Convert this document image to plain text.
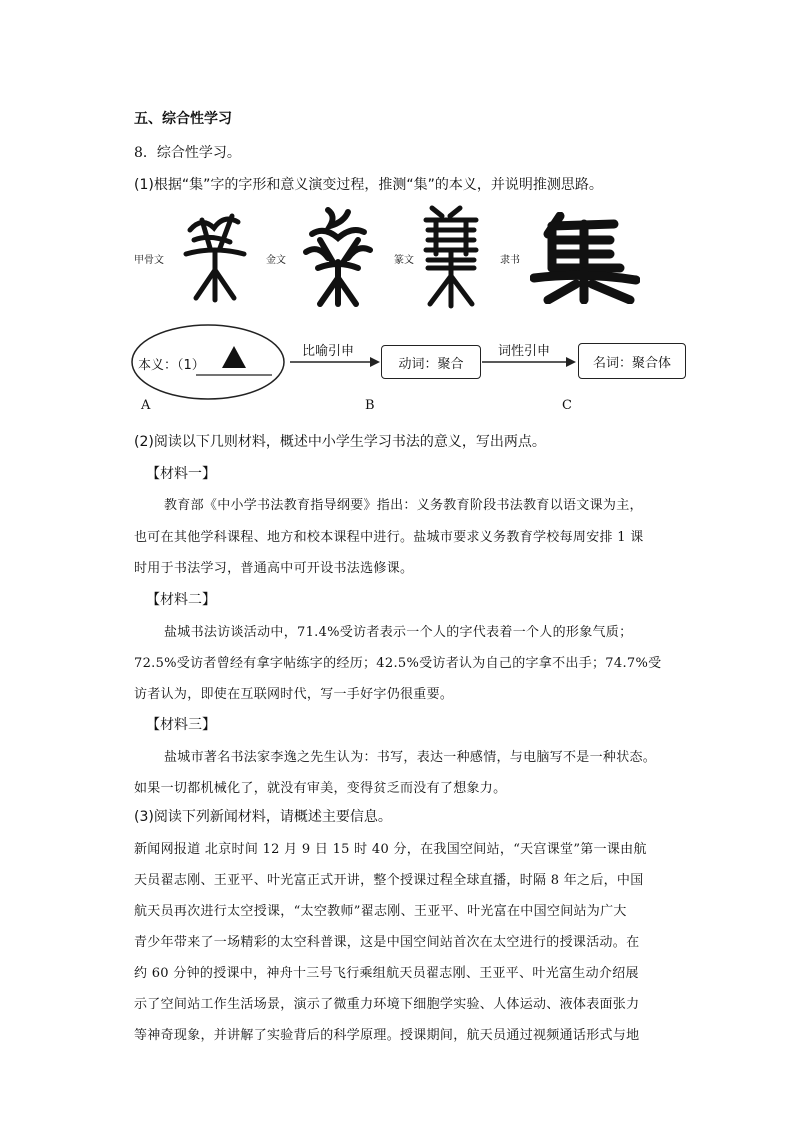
五、综合性学习
8．综合性学习。
(1)根据“集”字的字形和意义演变过程，推测“集”的本义，并说明推测思路。
甲骨文	金文	篆文	隶书
本义：（1）
比喻引申
动词：聚合
词性引申
名词：聚合体
A	B	C
(2)阅读以下几则材料，概述中小学生学习书法的意义，写出两点。
【材料一】
教育部《中小学书法教育指导纲要》指出：义务教育阶段书法教育以语文课为主，
也可在其他学科课程、地方和校本课程中进行。盐城市要求义务教育学校每周安排 1 课
时用于书法学习，普通高中可开设书法选修课。
【材料二】
盐城书法访谈活动中，71.4%受访者表示一个人的字代表着一个人的形象气质；
72.5%受访者曾经有拿字帖练字的经历；42.5%受访者认为自己的字拿不出手；74.7%受
访者认为，即使在互联网时代，写一手好字仍很重要。
【材料三】
盐城市著名书法家李逸之先生认为：书写，表达一种感情，与电脑写不是一种状态。
如果一切都机械化了，就没有审美，变得贫乏而没有了想象力。
(3)阅读下列新闻材料，请概述主要信息。
新闻网报道 北京时间 12 月 9 日 15 时 40 分，在我国空间站，“天宫课堂”第一课由航
天员翟志刚、王亚平、叶光富正式开讲，整个授课过程全球直播，时隔 8 年之后，中国
航天员再次进行太空授课，“太空教师”翟志刚、王亚平、叶光富在中国空间站为广大
青少年带来了一场精彩的太空科普课，这是中国空间站首次在太空进行的授课活动。在
约 60 分钟的授课中，神舟十三号飞行乘组航天员翟志刚、王亚平、叶光富生动介绍展
示了空间站工作生活场景，演示了微重力环境下细胞学实验、人体运动、液体表面张力
等神奇现象，并讲解了实验背后的科学原理。授课期间，航天员通过视频通话形式与地
